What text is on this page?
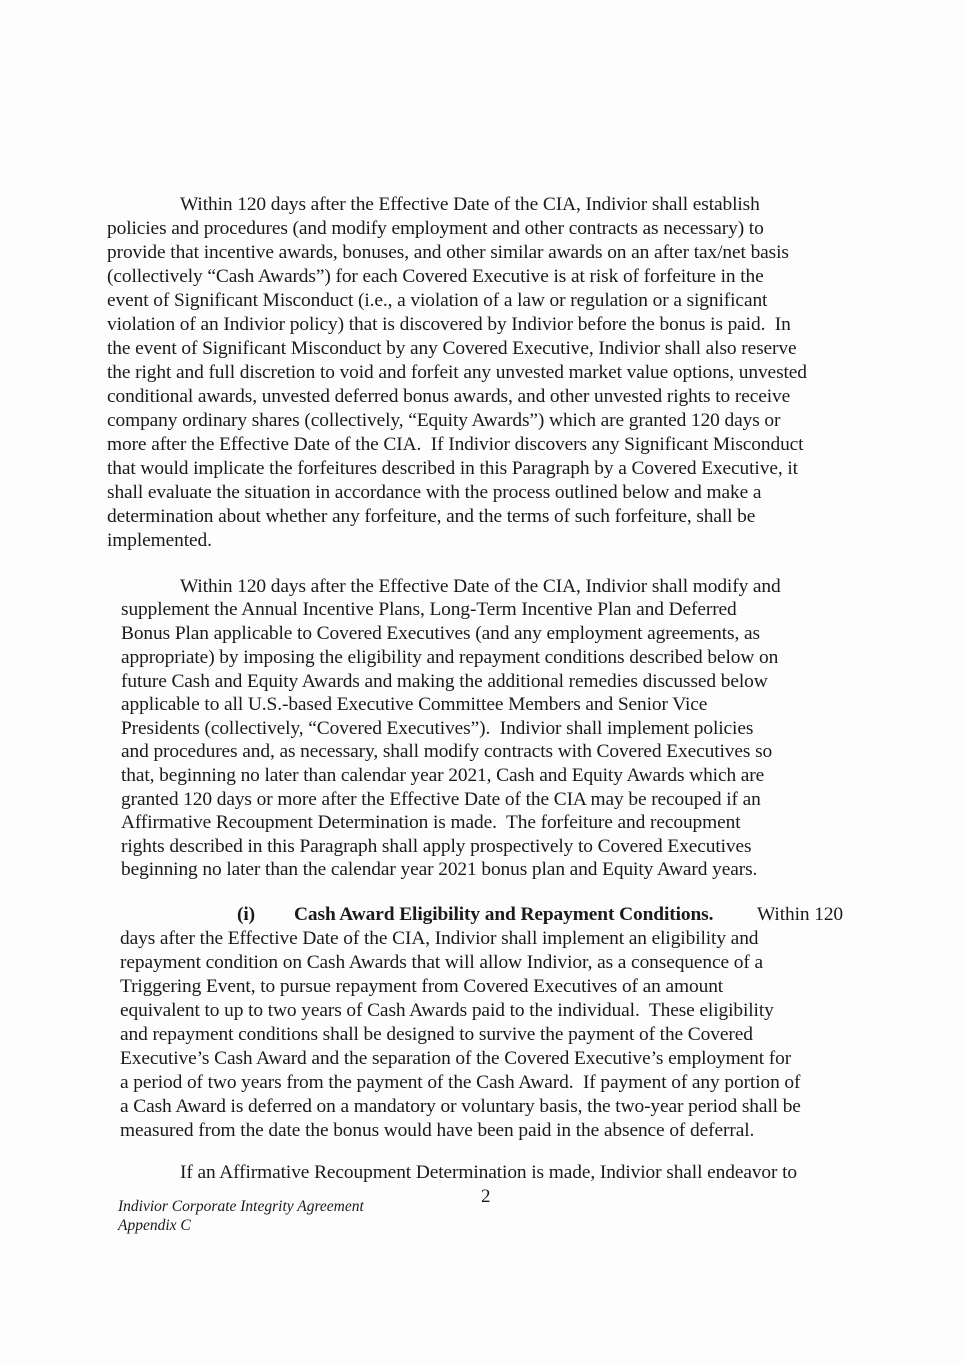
Within 120 days after the Effective Date of the CIA, Indivior shall establish
policies and procedures (and modify employment and other contracts as necessary) to
provide that incentive awards, bonuses, and other similar awards on an after tax/net basis
(collectively “Cash Awards”) for each Covered Executive is at risk of forfeiture in the
event of Significant Misconduct (i.e., a violation of a law or regulation or a significant
violation of an Indivior policy) that is discovered by Indivior before the bonus is paid.  In
the event of Significant Misconduct by any Covered Executive, Indivior shall also reserve
the right and full discretion to void and forfeit any unvested market value options, unvested
conditional awards, unvested deferred bonus awards, and other unvested rights to receive
company ordinary shares (collectively, “Equity Awards”) which are granted 120 days or
more after the Effective Date of the CIA.  If Indivior discovers any Significant Misconduct
that would implicate the forfeitures described in this Paragraph by a Covered Executive, it
shall evaluate the situation in accordance with the process outlined below and make a
determination about whether any forfeiture, and the terms of such forfeiture, shall be
implemented.
Within 120 days after the Effective Date of the CIA, Indivior shall modify and
supplement the Annual Incentive Plans, Long-Term Incentive Plan and Deferred
Bonus Plan applicable to Covered Executives (and any employment agreements, as
appropriate) by imposing the eligibility and repayment conditions described below on
future Cash and Equity Awards and making the additional remedies discussed below
applicable to all U.S.-based Executive Committee Members and Senior Vice
Presidents (collectively, “Covered Executives”).  Indivior shall implement policies
and procedures and, as necessary, shall modify contracts with Covered Executives so
that, beginning no later than calendar year 2021, Cash and Equity Awards which are
granted 120 days or more after the Effective Date of the CIA may be recouped if an
Affirmative Recoupment Determination is made.  The forfeiture and recoupment
rights described in this Paragraph shall apply prospectively to Covered Executives
beginning no later than the calendar year 2021 bonus plan and Equity Award years.
(i) Cash Award Eligibility and Repayment Conditions. Within 120
days after the Effective Date of the CIA, Indivior shall implement an eligibility and
repayment condition on Cash Awards that will allow Indivior, as a consequence of a
Triggering Event, to pursue repayment from Covered Executives of an amount
equivalent to up to two years of Cash Awards paid to the individual.  These eligibility
and repayment conditions shall be designed to survive the payment of the Covered
Executive’s Cash Award and the separation of the Covered Executive’s employment for
a period of two years from the payment of the Cash Award.  If payment of any portion of
a Cash Award is deferred on a mandatory or voluntary basis, the two-year period shall be
measured from the date the bonus would have been paid in the absence of deferral.
If an Affirmative Recoupment Determination is made, Indivior shall endeavor to
2
Indivior Corporate Integrity Agreement
Appendix C
